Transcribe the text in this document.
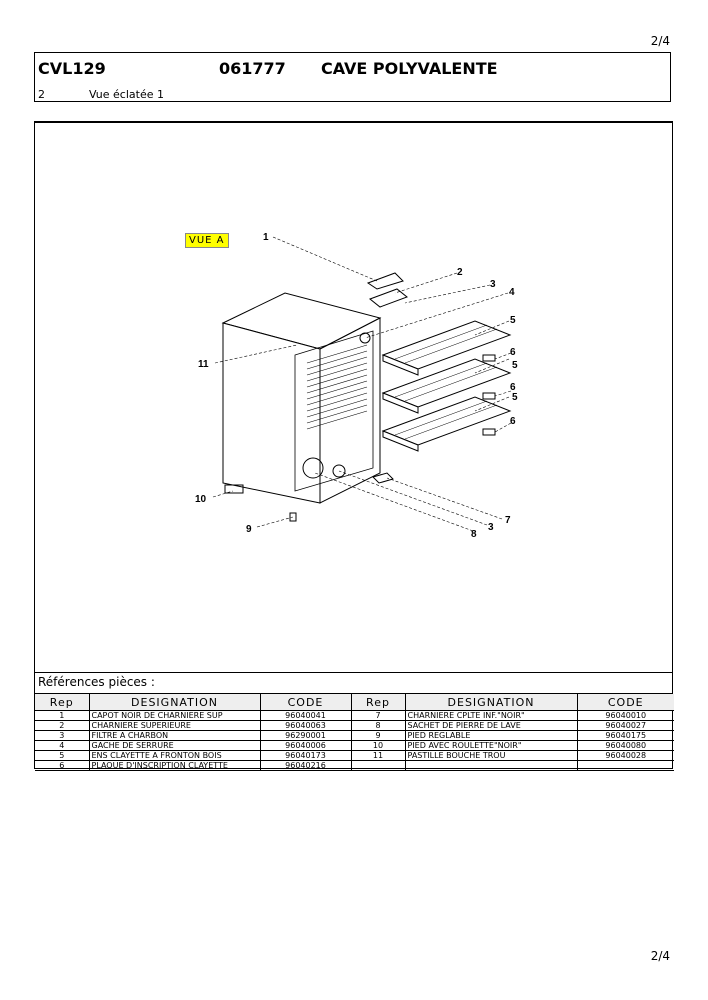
2/4
CVL129	061777 CAVE POLYVALENTE
2	Vue éclatée 1
1
2
3
4
5
6
5
6
5
6
11
10
9	8
3
7
VUE A
Références pièces :
Rep	DESIGNATION	CODE	Rep	DESIGNATION	CODE
1	CAPOT NOIR DE CHARNIERE SUP	96040041	7	CHARNIERE CPLTE INF."NOIR"	96040010
2	CHARNIERE SUPERIEURE	96040063	8	SACHET DE PIERRE DE LAVE	96040027
3	FILTRE A CHARBON	96290001	9	PIED REGLABLE	96040175
4	GACHE DE SERRURE	96040006	10	PIED AVEC ROULETTE"NOIR"	96040080
5	ENS CLAYETTE A FRONTON BOIS	96040173	11	PASTILLE BOUCHE TROU	96040028
6	PLAQUE D'INSCRIPTION CLAYETTE	96040216			
2/4
